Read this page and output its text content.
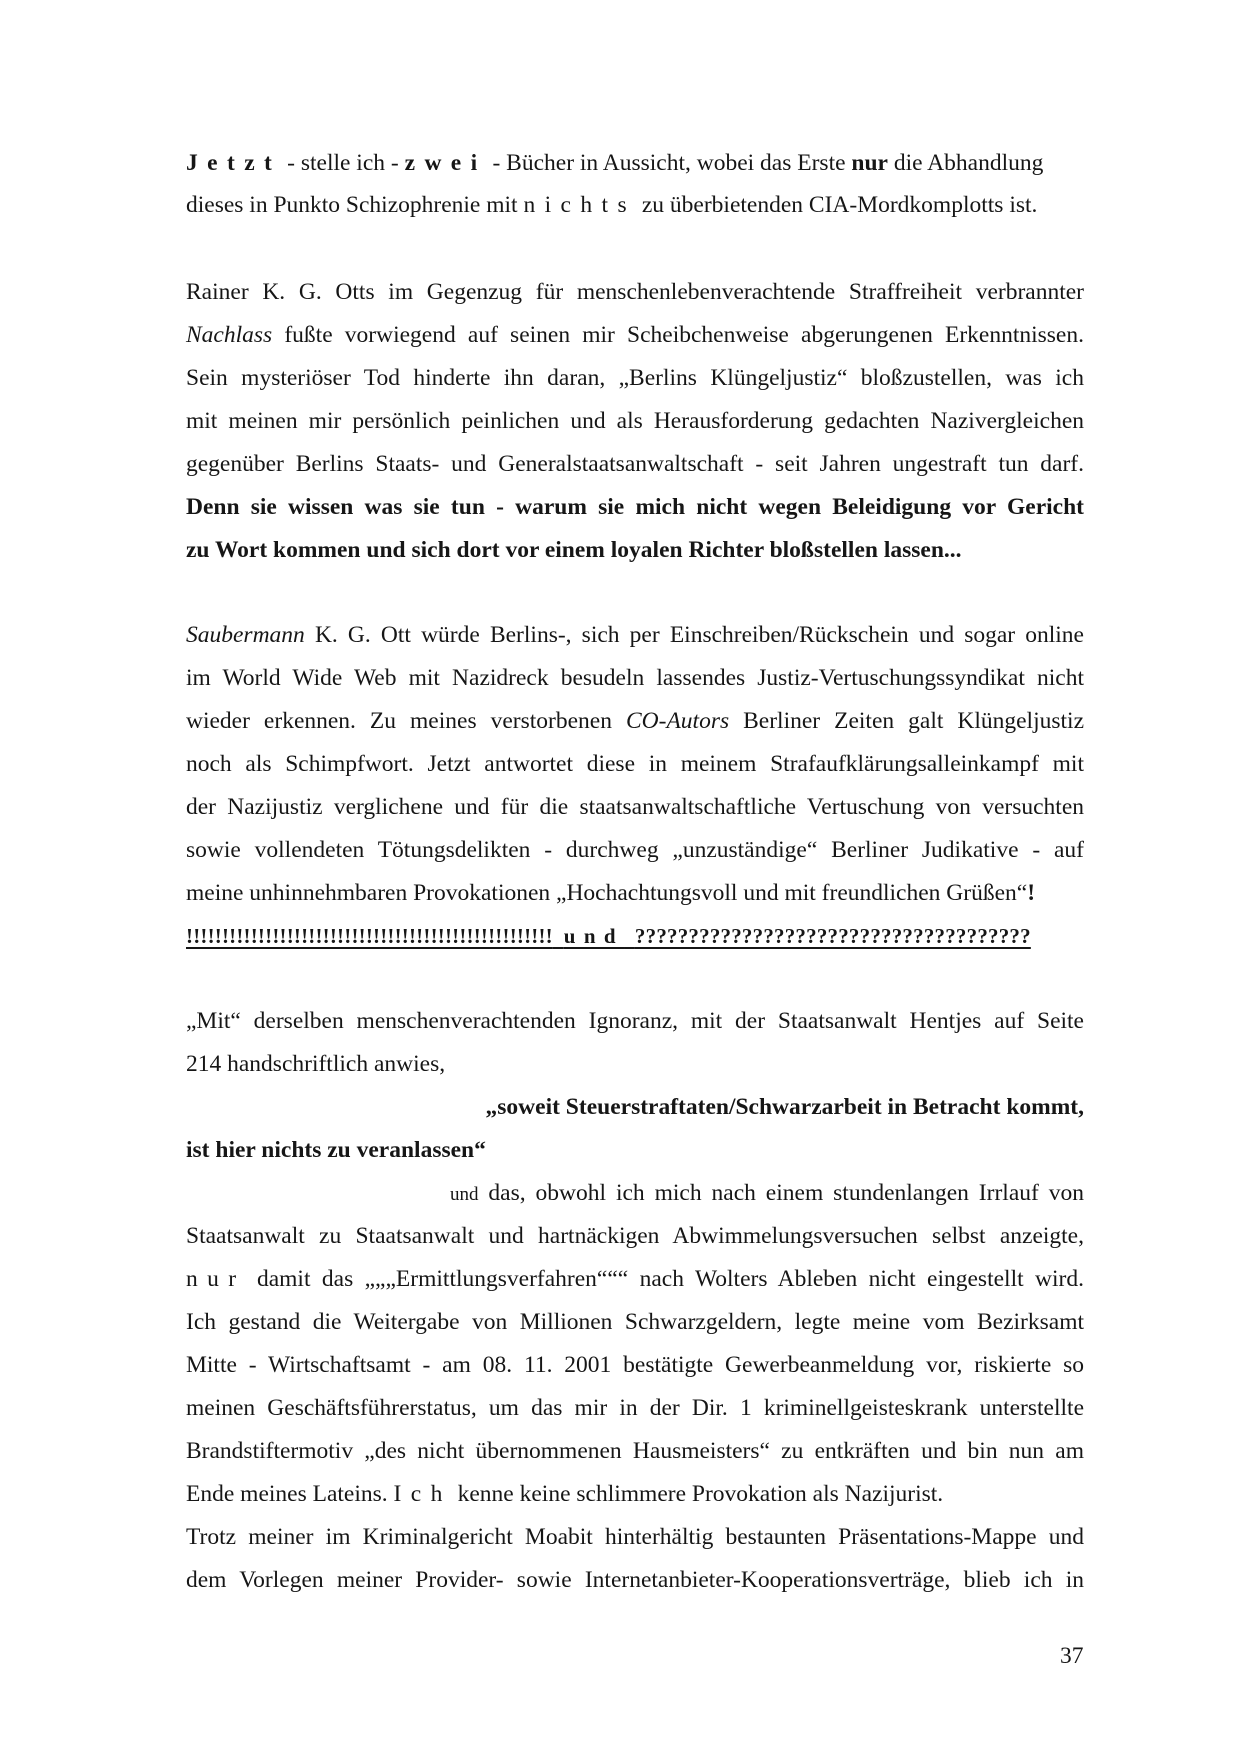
Jetzt - stelle ich - zwei - Bücher in Aussicht, wobei das Erste nur die Abhandlung
dieses in Punkto Schizophrenie mit nichts zu überbietenden CIA-Mordkomplotts ist.
Rainer K. G. Otts im Gegenzug für menschenlebenverachtende Straffreiheit verbrannter
Nachlass fußte vorwiegend auf seinen mir Scheibchenweise abgerungenen Erkenntnissen.
Sein mysteriöser Tod hinderte ihn daran, „Berlins Klüngeljustiz“ bloßzustellen, was ich
mit meinen mir persönlich peinlichen und als Herausforderung gedachten Nazivergleichen
gegenüber Berlins Staats- und Generalstaatsanwaltschaft - seit Jahren ungestraft tun darf.
Denn sie wissen was sie tun - warum sie mich nicht wegen Beleidigung vor Gericht
zu Wort kommen und sich dort vor einem loyalen Richter bloßstellen lassen...
Saubermann K. G. Ott würde Berlins-, sich per Einschreiben/Rückschein und sogar online
im World Wide Web mit Nazidreck besudeln lassendes Justiz-Vertuschungssyndikat nicht
wieder erkennen. Zu meines verstorbenen CO-Autors Berliner Zeiten galt Klüngeljustiz
noch als Schimpfwort. Jetzt antwortet diese in meinem Strafaufklärungsalleinkampf mit
der Nazijustiz verglichene und für die staatsanwaltschaftliche Vertuschung von versuchten
sowie vollendeten Tötungsdelikten - durchweg „unzuständige“ Berliner Judikative - auf
meine unhinnehmbaren Provokationen „Hochachtungsvoll und mit freundlichen Grüßen“!
!!!!!!!!!!!!!!!!!!!!!!!!!!!!!!!!!!!!!!!!!!!!!!!!!!! und ?????????????????????????????????????
„Mit“ derselben menschenverachtenden Ignoranz, mit der Staatsanwalt Hentjes auf Seite
214 handschriftlich anwies,
„soweit Steuerstraftaten/Schwarzarbeit in Betracht kommt,
ist hier nichts zu veranlassen“
und das, obwohl ich mich nach einem stundenlangen Irrlauf von
Staatsanwalt zu Staatsanwalt und hartnäckigen Abwimmelungsversuchen selbst anzeigte,
nur damit das „„„Ermittlungsverfahren“““ nach Wolters Ableben nicht eingestellt wird.
Ich gestand die Weitergabe von Millionen Schwarzgeldern, legte meine vom Bezirksamt
Mitte - Wirtschaftsamt - am 08. 11. 2001 bestätigte Gewerbeanmeldung vor, riskierte so
meinen Geschäftsführerstatus, um das mir in der Dir. 1 kriminellgeisteskrank unterstellte
Brandstiftermotiv „des nicht übernommenen Hausmeisters“ zu entkräften und bin nun am
Ende meines Lateins. Ich kenne keine schlimmere Provokation als Nazijurist.
Trotz meiner im Kriminalgericht Moabit hinterhältig bestaunten Präsentations-Mappe und
dem Vorlegen meiner Provider- sowie Internetanbieter-Kooperationsverträge, blieb ich in
37
